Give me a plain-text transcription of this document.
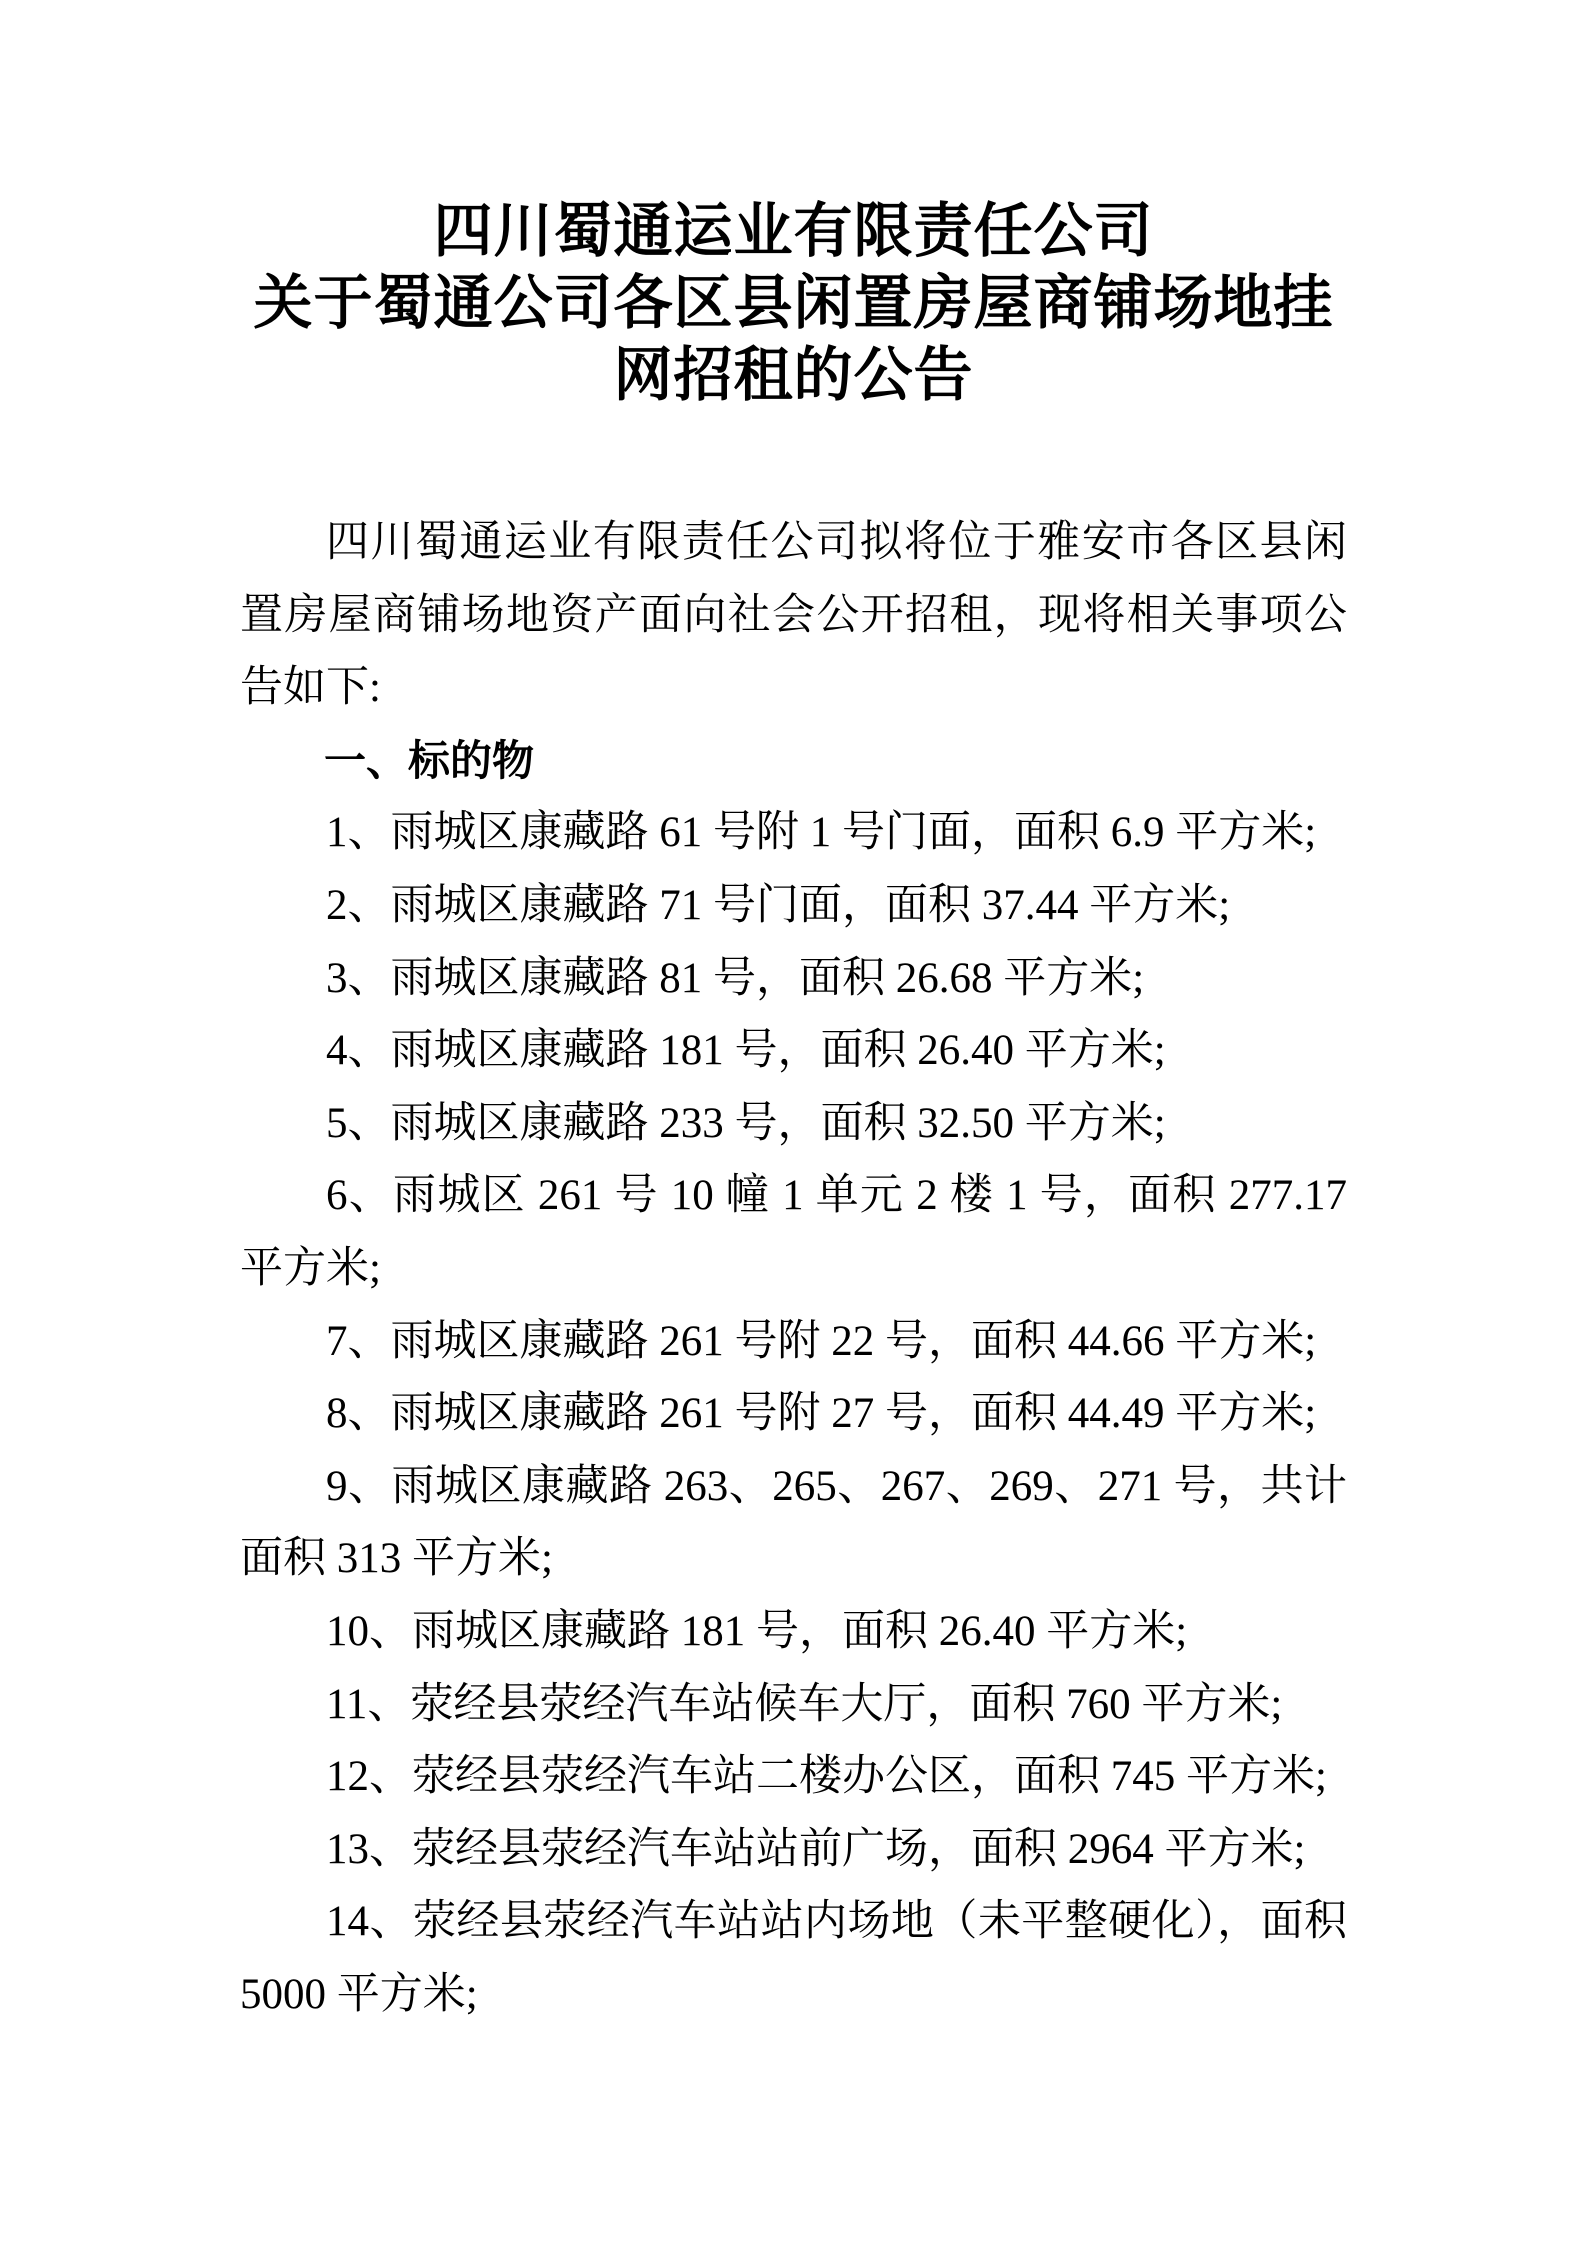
四川蜀通运业有限责任公司
关于蜀通公司各区县闲置房屋商铺场地挂
网招租的公告

四川蜀通运业有限责任公司拟将位于雅安市各区县闲置房屋商铺场地资产面向社会公开招租，现将相关事项公告如下:

一、标的物

1、雨城区康藏路 61 号附 1 号门面，面积 6.9 平方米;

2、雨城区康藏路 71 号门面，面积 37.44 平方米;

3、雨城区康藏路 81 号，面积 26.68 平方米;

4、雨城区康藏路 181 号，面积 26.40 平方米;

5、雨城区康藏路 233 号，面积 32.50 平方米;

6、雨城区 261 号 10 幢 1 单元 2 楼 1 号，面积 277.17 平方米;

7、雨城区康藏路 261 号附 22 号，面积 44.66 平方米;

8、雨城区康藏路 261 号附 27 号，面积 44.49 平方米;

9、雨城区康藏路 263、265、267、269、271 号，共计面积 313 平方米;

10、雨城区康藏路 181 号，面积 26.40 平方米;

11、荥经县荥经汽车站候车大厅，面积 760 平方米;

12、荥经县荥经汽车站二楼办公区，面积 745 平方米;

13、荥经县荥经汽车站站前广场，面积 2964 平方米;

14、荥经县荥经汽车站站内场地（未平整硬化），面积 5000 平方米;
